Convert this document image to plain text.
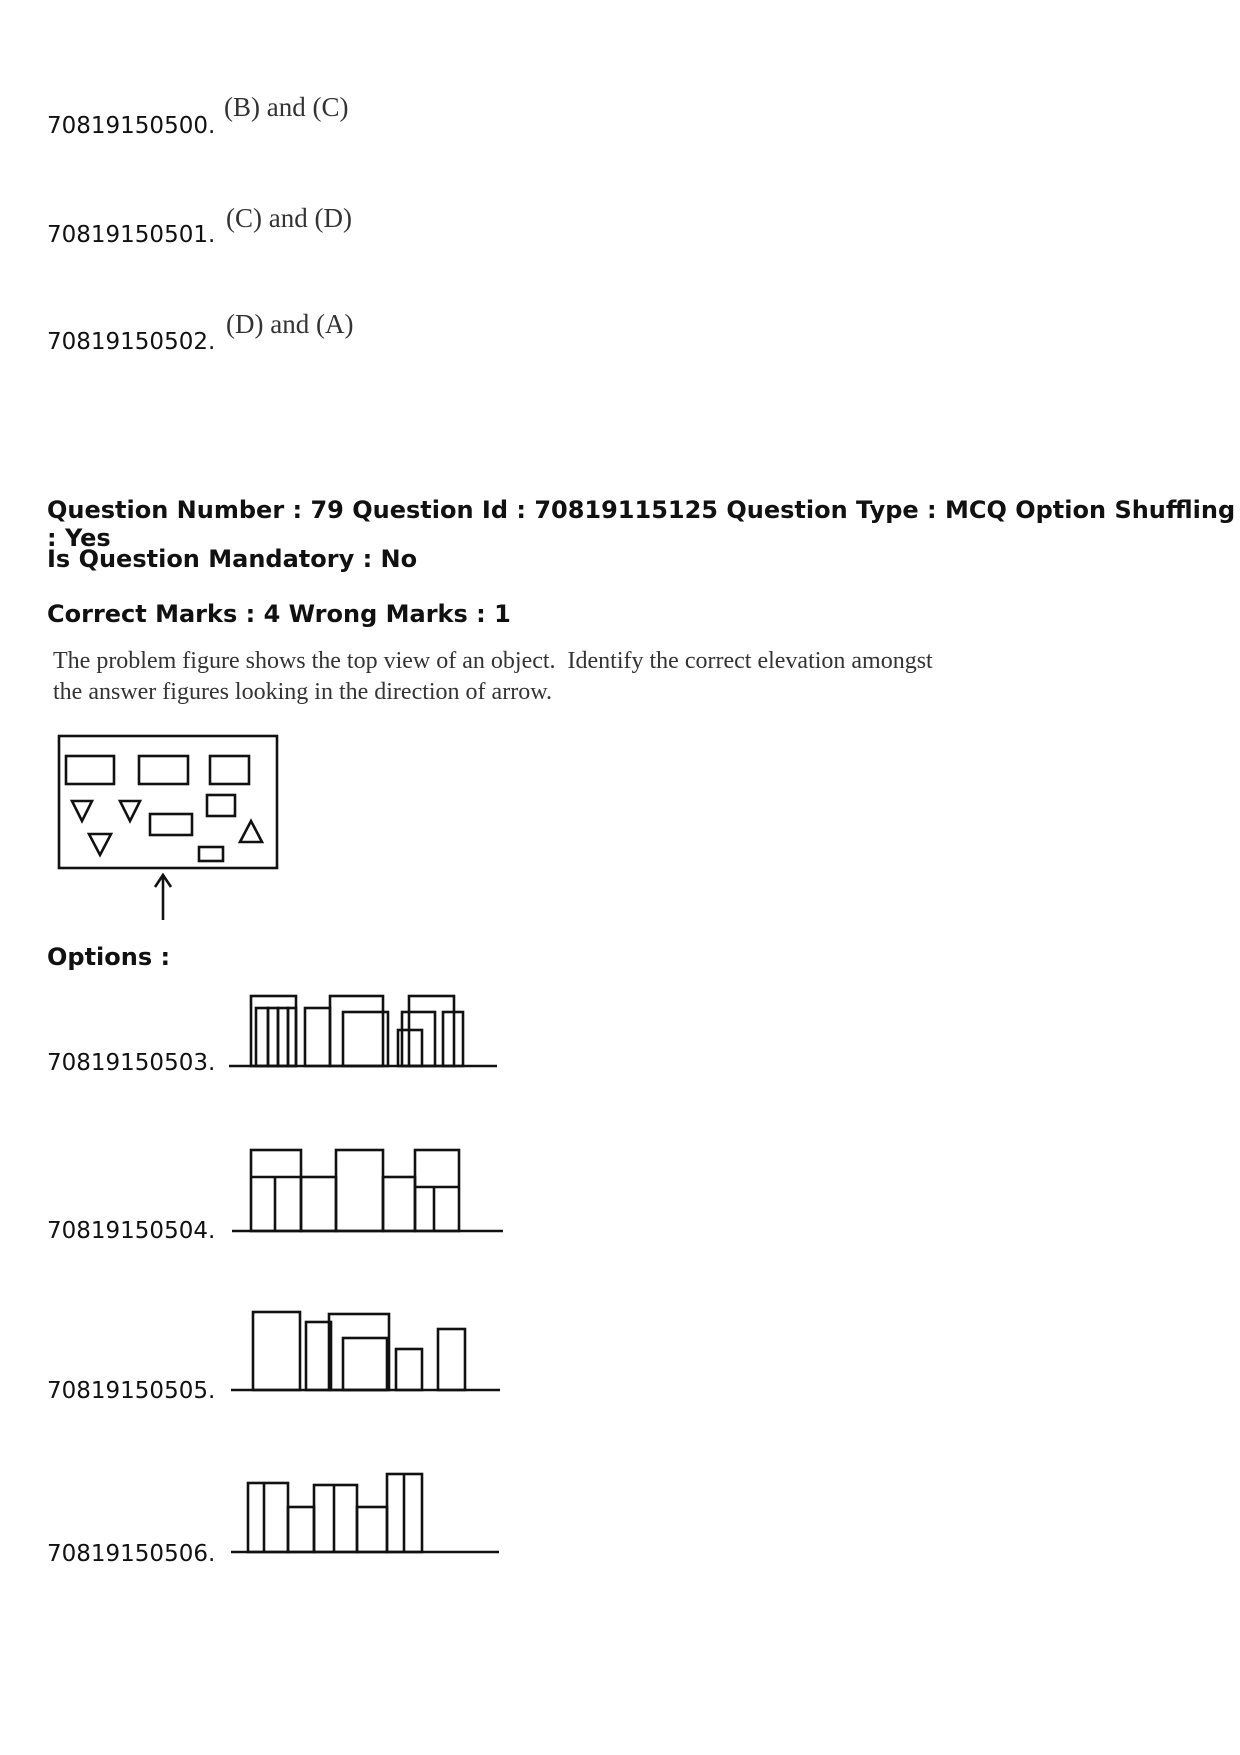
70819150500.
(B) and (C)
70819150501.
(C) and (D)
70819150502.
(D) and (A)
Question Number : 79 Question Id : 70819115125 Question Type : MCQ Option Shuffling : Yes
Is Question Mandatory : No
Correct Marks : 4 Wrong Marks : 1
The problem figure shows the top view of an object.  Identify the correct elevation amongst
the answer figures looking in the direction of arrow.
Options :
70819150503.
70819150504.
70819150505.
70819150506.
